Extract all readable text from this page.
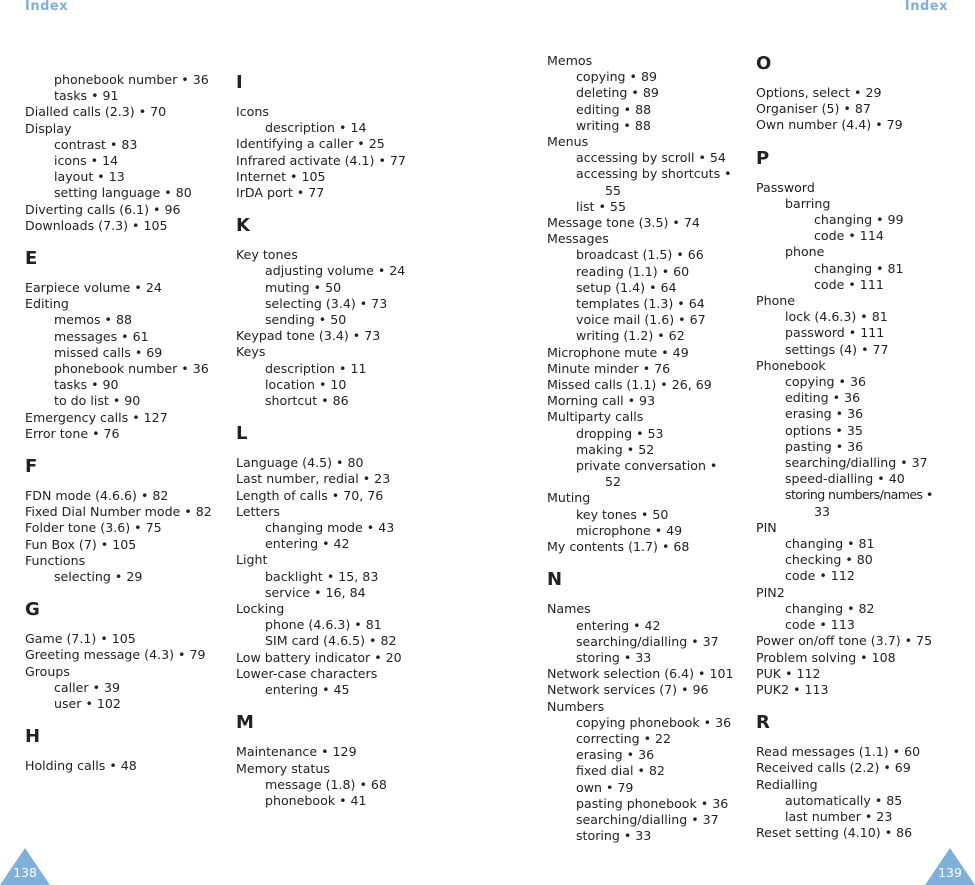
Index	Index
phonebook number • 36
tasks • 91
Dialled calls (2.3) • 70
Display
contrast • 83
icons • 14
layout • 13
setting language • 80
Diverting calls (6.1) • 96
Downloads (7.3) • 105
E
Earpiece volume • 24
Editing
memos • 88
messages • 61
missed calls • 69
phonebook number • 36
tasks • 90
to do list • 90
Emergency calls • 127
Error tone • 76
F
FDN mode (4.6.6) • 82
Fixed Dial Number mode • 82
Folder tone (3.6) • 75
Fun Box (7) • 105
Functions
selecting • 29
G
Game (7.1) • 105
Greeting message (4.3) • 79
Groups
caller • 39
user • 102
H
Holding calls • 48
I
Icons
description • 14
Identifying a caller • 25
Infrared activate (4.1) • 77
Internet • 105
IrDA port • 77
K
Key tones
adjusting volume • 24
muting • 50
selecting (3.4) • 73
sending • 50
Keypad tone (3.4) • 73
Keys
description • 11
location • 10
shortcut • 86
L
Language (4.5) • 80
Last number, redial • 23
Length of calls • 70, 76
Letters
changing mode • 43
entering • 42
Light
backlight • 15, 83
service • 16, 84
Locking
phone (4.6.3) • 81
SIM card (4.6.5) • 82
Low battery indicator • 20
Lower-case characters
entering • 45
M
Maintenance • 129
Memory status
message (1.8) • 68
phonebook • 41
Memos
copying • 89
deleting • 89
editing • 88
writing • 88
Menus
accessing by scroll • 54
accessing by shortcuts •
55
list • 55
Message tone (3.5) • 74
Messages
broadcast (1.5) • 66
reading (1.1) • 60
setup (1.4) • 64
templates (1.3) • 64
voice mail (1.6) • 67
writing (1.2) • 62
Microphone mute • 49
Minute minder • 76
Missed calls (1.1) • 26, 69
Morning call • 93
Multiparty calls
dropping • 53
making • 52
private conversation •
52
Muting
key tones • 50
microphone • 49
My contents (1.7) • 68
N
Names
entering • 42
searching/dialling • 37
storing • 33
Network selection (6.4) • 101
Network services (7) • 96
Numbers
copying phonebook • 36
correcting • 22
erasing • 36
fixed dial • 82
own • 79
pasting phonebook • 36
searching/dialling • 37
storing • 33
O
Options, select • 29
Organiser (5) • 87
Own number (4.4) • 79
P
Password
barring
changing • 99
code • 114
phone
changing • 81
code • 111
Phone
lock (4.6.3) • 81
password • 111
settings (4) • 77
Phonebook
copying • 36
editing • 36
erasing • 36
options • 35
pasting • 36
searching/dialling • 37
speed-dialling • 40
storing numbers/names •
33
PIN
changing • 81
checking • 80
code • 112
PIN2
changing • 82
code • 113
Power on/off tone (3.7) • 75
Problem solving • 108
PUK • 112
PUK2 • 113
R
Read messages (1.1) • 60
Received calls (2.2) • 69
Redialling
automatically • 85
last number • 23
Reset setting (4.10) • 86
138	139
